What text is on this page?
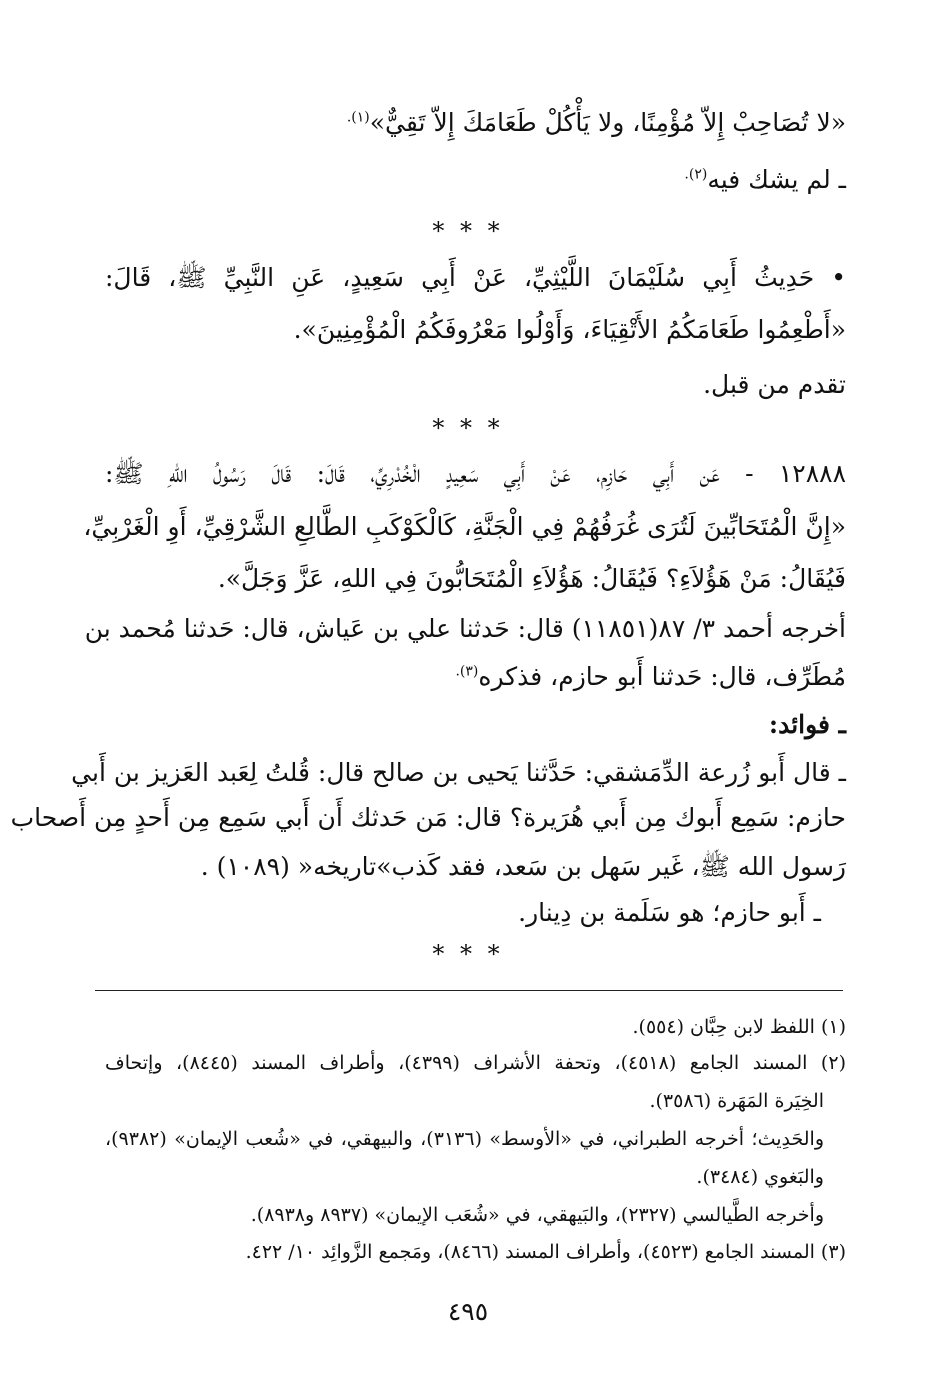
«لا تُصَاحِبْ إِلاّ مُؤْمِنًا، ولا يَأْكُلْ طَعَامَكَ إِلاّ تَقِيٌّ»$^{(١).}$
ـ لم يشك فيه$^{(٢).}$
* * *
• حَدِيثُ أَبِي سُلَيْمَانَ اللَّيْثِيِّ، عَنْ أَبِي سَعِيدٍ، عَنِ النَّبِيِّ ﷺ، قَالَ:
«أَطْعِمُوا طَعَامَكُمُ الأَتْقِيَاءَ، وَأَوْلُوا مَعْرُوفَكُمُ الْمُؤْمِنِينَ».
تقدم من قبل.
* * *
١٢٨٨٨ - عَن أَبِي حَازِم، عَنْ أَبِي سَعِيدٍ الْخُدْرِيِّ، قَالَ: قَالَ رَسُولُ اللهِ ﷺ:
«إِنَّ الْمُتَحَابِّينَ لَتُرَى غُرَفُهُمْ فِي الْجَنَّةِ، كَالْكَوْكَبِ الطَّالِعِ الشَّرْقِيِّ، أَوِ الْغَرْبِيِّ،
فَيُقَالُ: مَنْ هَؤُلاَءِ؟ فَيُقَالُ: هَؤُلاَءِ الْمُتَحَابُّونَ فِي اللهِ، عَزَّ وَجَلَّ».
أخرجه أحمد ٣/ ٨٧(١١٨٥١) قال: حَدثنا علي بن عَياش، قال: حَدثنا مُحمد بن
مُطَرِّف، قال: حَدثنا أَبو حازم، فذكره$^{(٣).}$
ـ فوائد:
ـ قال أَبو زُرعة الدِّمَشقي: حَدَّثنا يَحيى بن صالح قال: قُلتُ لِعَبد العَزيز بن أَبي
حازم: سَمِع أَبوك مِن أَبي هُرَيرة؟ قال: مَن حَدثك أَن أَبي سَمِع مِن أَحدٍ مِن أَصحاب
رَسول الله ﷺ، غَير سَهل بن سَعد، فقد كَذب»تاريخه« (١٠٨٩) .
ـ أَبو حازم؛ هو سَلَمة بن دِينار.
* * *
(١) اللفظ لابن حِبَّان (٥٥٤).
(٢) المسند الجامع (٤٥١٨)، وتحفة الأشراف (٤٣٩٩)، وأطراف المسند (٨٤٤٥)، وإتحاف
الخِيَرة المَهَرة (٣٥٨٦).
والحَدِيث؛ أخرجه الطبراني، في «الأوسط» (٣١٣٦)، والبيهقي، في «شُعب الإيمان» (٩٣٨٢)،
والبَغوي (٣٤٨٤).
وأخرجه الطَّيالسي (٢٣٢٧)، والبَيهقي، في «شُعَب الإيمان» (٨٩٣٧ و٨٩٣٨).
(٣) المسند الجامع (٤٥٢٣)، وأطراف المسند (٨٤٦٦)، ومَجمع الزَّوائِد ١٠/ ٤٢٢.
٤٩٥
